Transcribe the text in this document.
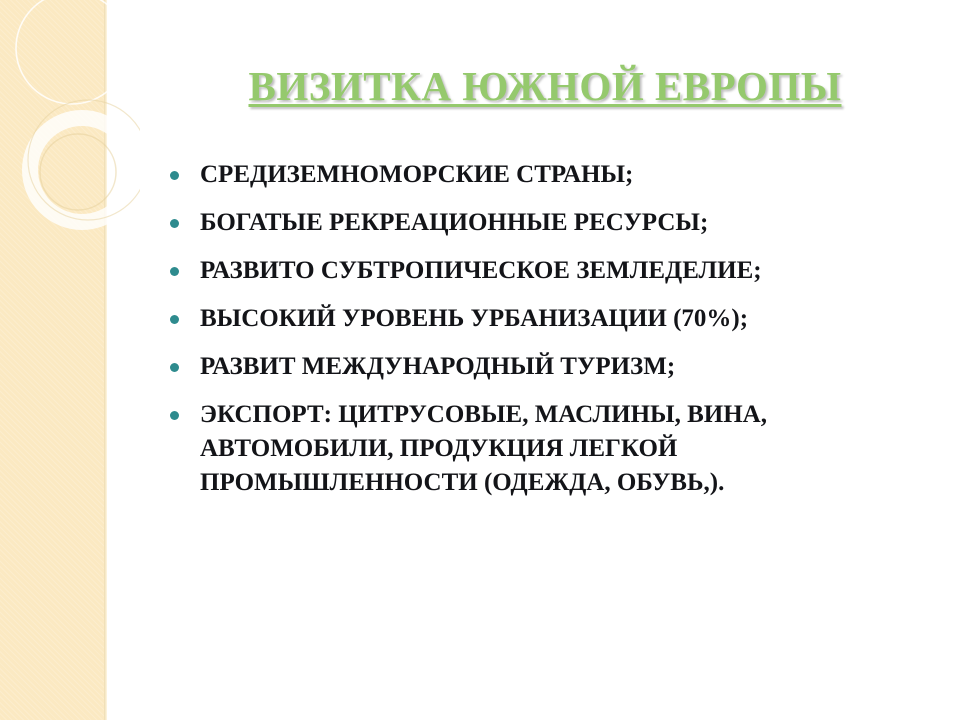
ВИЗИТКА ЮЖНОЙ ЕВРОПЫ
СРЕДИЗЕМНОМОРСКИЕ СТРАНЫ;
БОГАТЫЕ РЕКРЕАЦИОННЫЕ РЕСУРСЫ;
РАЗВИТО СУБТРОПИЧЕСКОЕ ЗЕМЛЕДЕЛИЕ;
ВЫСОКИЙ УРОВЕНЬ УРБАНИЗАЦИИ (70%);
РАЗВИТ МЕЖДУНАРОДНЫЙ ТУРИЗМ;
ЭКСПОРТ: ЦИТРУСОВЫЕ, МАСЛИНЫ, ВИНА, АВТОМОБИЛИ, ПРОДУКЦИЯ ЛЕГКОЙ ПРОМЫШЛЕННОСТИ (ОДЕЖДА, ОБУВЬ,).
